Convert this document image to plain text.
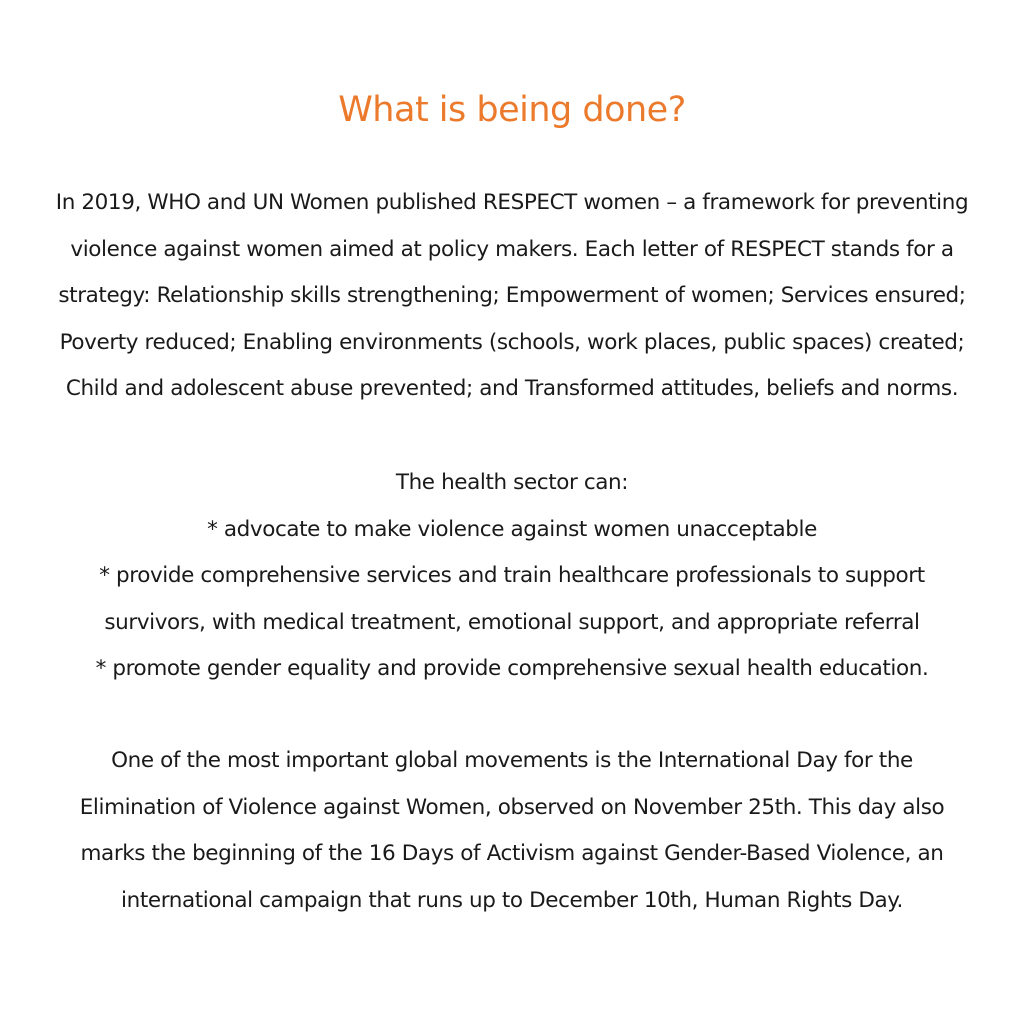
What is being done?
In 2019, WHO and UN Women published RESPECT women – a framework for preventing
violence against women aimed at policy makers. Each letter of RESPECT stands for a
strategy: Relationship skills strengthening; Empowerment of women; Services ensured;
Poverty reduced; Enabling environments (schools, work places, public spaces) created;
Child and adolescent abuse prevented; and Transformed attitudes, beliefs and norms.
The health sector can:
* advocate to make violence against women unacceptable
* provide comprehensive services and train healthcare professionals to support
survivors, with medical treatment, emotional support, and appropriate referral
* promote gender equality and provide comprehensive sexual health education.
One of the most important global movements is the International Day for the
Elimination of Violence against Women, observed on November 25th. This day also
marks the beginning of the 16 Days of Activism against Gender-Based Violence, an
international campaign that runs up to December 10th, Human Rights Day.
